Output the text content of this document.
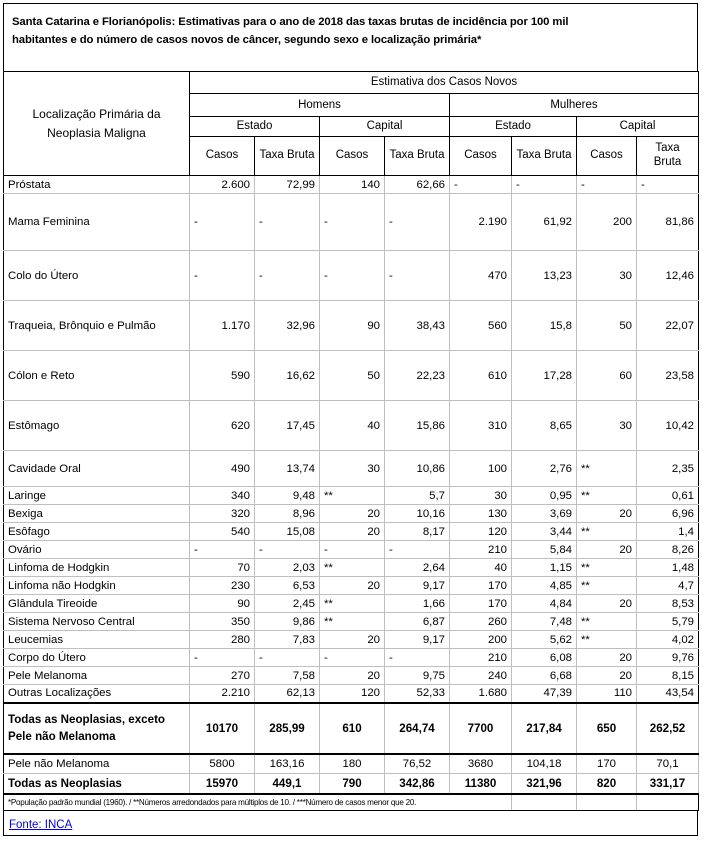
Santa Catarina e Florianópolis: Estimativas para o ano de 2018 das taxas brutas de incidência por 100 mil
habitantes e do número de casos novos de câncer, segundo sexo e localização primária*
Localização Primária da Neoplasia Maligna	Estimativa dos Casos Novos							
	Homens				Mulheres			
	Estado		Capital		Estado		Capital	
	Casos	Taxa Bruta	Casos	Taxa Bruta	Casos	Taxa Bruta	Casos	Taxa Bruta
Próstata	2.600	72,99	140	62,66	-	-	-	-
Mama Feminina	-	-	-	-	2.190	61,92	200	81,86
Colo do Útero	-	-	-	-	470	13,23	30	12,46
Traqueia, Brônquio e Pulmão	1.170	32,96	90	38,43	560	15,8	50	22,07
Cólon e Reto	590	16,62	50	22,23	610	17,28	60	23,58
Estômago	620	17,45	40	15,86	310	8,65	30	10,42
Cavidade Oral	490	13,74	30	10,86	100	2,76	**	2,35
Laringe	340	9,48	**	5,7	30	0,95	**	0,61
Bexiga	320	8,96	20	10,16	130	3,69	20	6,96
Esôfago	540	15,08	20	8,17	120	3,44	**	1,4
Ovário	-	-	-	-	210	5,84	20	8,26
Linfoma de Hodgkin	70	2,03	**	2,64	40	1,15	**	1,48
Linfoma não Hodgkin	230	6,53	20	9,17	170	4,85	**	4,7
Glândula Tireoide	90	2,45	**	1,66	170	4,84	20	8,53
Sistema Nervoso Central	350	9,86	**	6,87	260	7,48	**	5,79
Leucemias	280	7,83	20	9,17	200	5,62	**	4,02
Corpo do Útero	-	-	-	-	210	6,08	20	9,76
Pele Melanoma	270	7,58	20	9,75	240	6,68	20	8,15
Outras Localizações	2.210	62,13	120	52,33	1.680	47,39	110	43,54
Todas as Neoplasias, exceto Pele não Melanoma	10170	285,99	610	264,74	7700	217,84	650	262,52
Pele não Melanoma	5800	163,16	180	76,52	3680	104,18	170	70,1
Todas as Neoplasias	15970	449,1	790	342,86	11380	321,96	820	331,17
*População padrão mundial (1960). / **Números arredondados para múltiplos de 10. / ***Número de casos menor que 20.								
Fonte: INCA
